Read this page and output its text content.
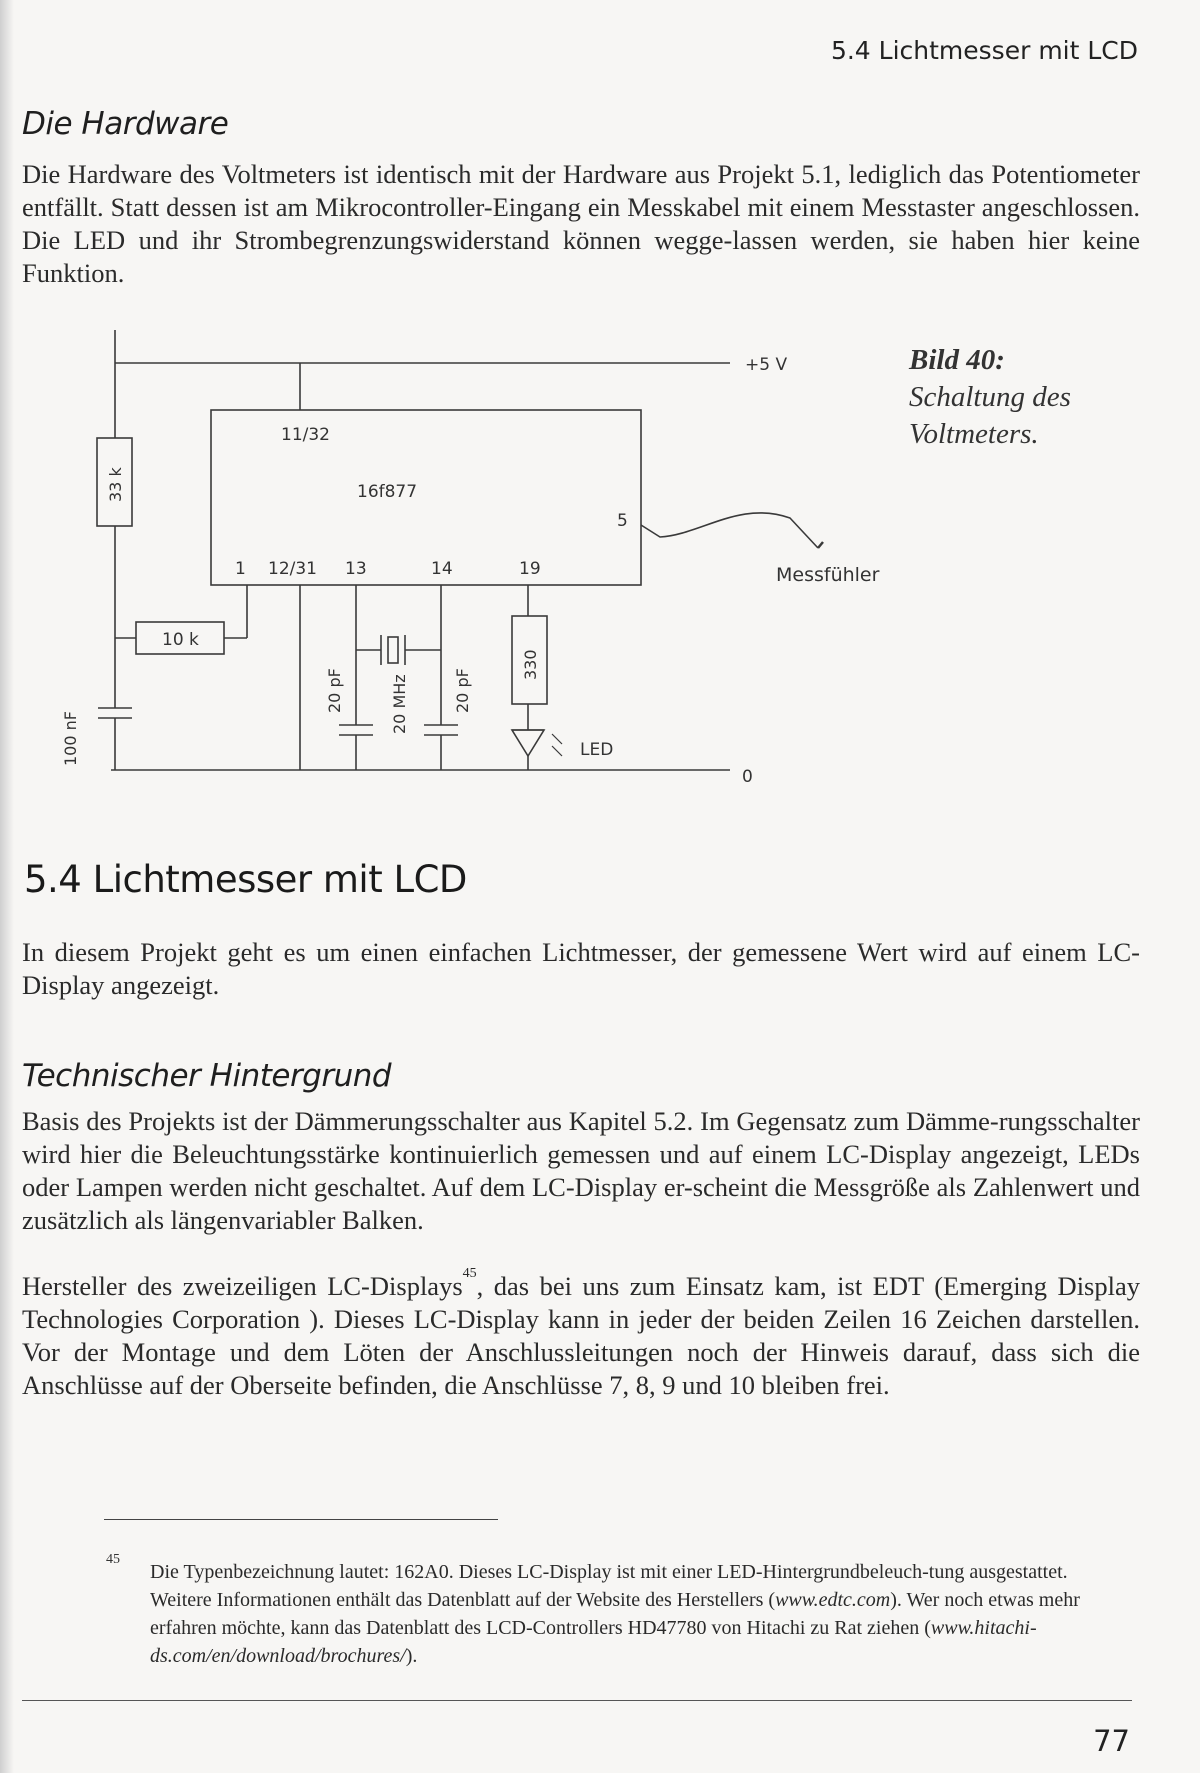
5.4 Lichtmesser mit LCD
Die Hardware

Die Hardware des Voltmeters ist identisch mit der Hardware aus Projekt 5.1, lediglich das Potentiometer entfällt. Statt dessen ist am Mikrocontroller-Eingang ein Messkabel mit einem Messtaster angeschlossen. Die LED und ihr Strombegrenzungswiderstand können wegge-lassen werden, sie haben hier keine Funktion.

+5 V
0
11/32
16f877
5
1 12/31 13	14	19
10 k
LED
Messfühler
33 k
100 nF
20 pF	20 MHz	20 pF
330
Bild 40:
Schaltung des Voltmeters.
5.4 Lichtmesser mit LCD

In diesem Projekt geht es um einen einfachen Lichtmesser, der gemessene Wert wird auf einem LC-Display angezeigt.

Technischer Hintergrund

Basis des Projekts ist der Dämmerungsschalter aus Kapitel 5.2. Im Gegensatz zum Dämme-rungsschalter wird hier die Beleuchtungsstärke kontinuierlich gemessen und auf einem LC-Display angezeigt, LEDs oder Lampen werden nicht geschaltet. Auf dem LC-Display er-scheint die Messgröße als Zahlenwert und zusätzlich als längenvariabler Balken.

Hersteller des zweizeiligen LC-Displays$^{45}$, das bei uns zum Einsatz kam, ist EDT (Emerging Display Technologies Corporation ). Dieses LC-Display kann in jeder der beiden Zeilen 16 Zeichen darstellen. Vor der Montage und dem Löten der Anschlussleitungen noch der Hinweis darauf, dass sich die Anschlüsse auf der Oberseite befinden, die Anschlüsse 7, 8, 9 und 10 bleiben frei.

45

Die Typenbezeichnung lautet: 162A0. Dieses LC-Display ist mit einer LED-Hintergrundbeleuch-tung ausgestattet. Weitere Informationen enthält das Datenblatt auf der Website des Herstellers (www.edtc.com). Wer noch etwas mehr erfahren möchte, kann das Datenblatt des LCD-Controllers HD47780 von Hitachi zu Rat ziehen (www.hitachi-ds.com/en/download/brochures/).

77
